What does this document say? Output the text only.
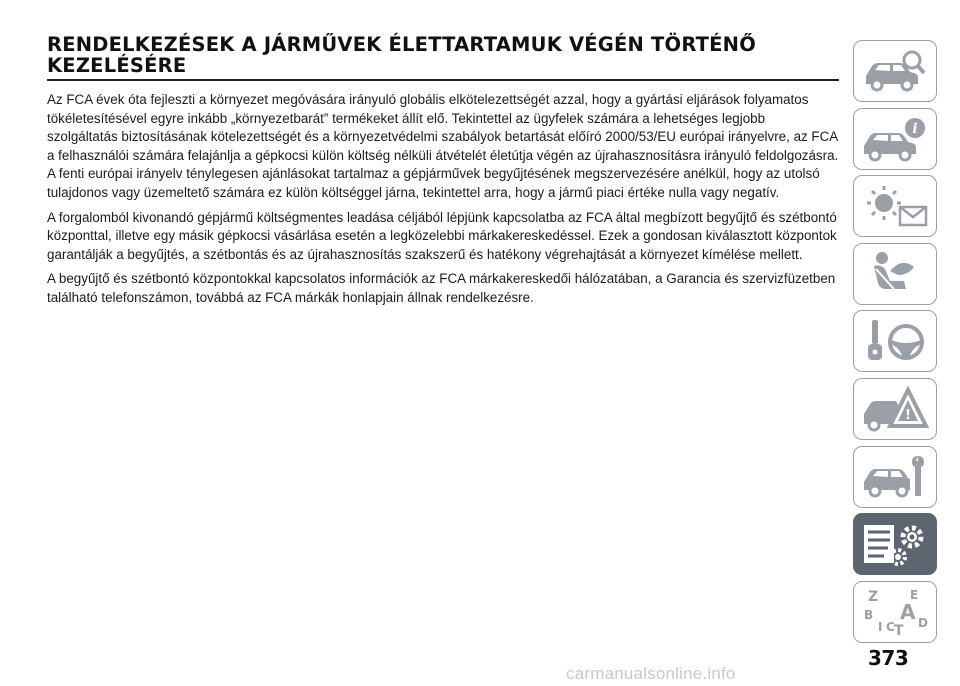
RENDELKEZÉSEK A JÁRMŰVEK ÉLETTARTAMUK VÉGÉN TÖRTÉNŐ
KEZELÉSÉRE

Az FCA évek óta fejleszti a környezet megóvására irányuló globális elkötelezettségét azzal, hogy a gyártási eljárások folyamatos tökéletesítésével egyre inkább „környezetbarát” termékeket állít elő. Tekintettel az ügyfelek számára a lehetséges legjobb szolgáltatás biztosításának kötelezettségét és a környezetvédelmi szabályok betartását előíró 2000/53/EU európai irányelvre, az FCA a felhasználói számára felajánlja a gépkocsi külön költség nélküli átvételét életútja végén az újrahasznosításra irányuló feldolgozásra. A fenti európai irányelv ténylegesen ajánlásokat tartalmaz a gépjárművek begyűjtésének megszervezésére anélkül, hogy az utolsó tulajdonos vagy üzemeltető számára ez külön költséggel járna, tekintettel arra, hogy a jármű piaci értéke nulla vagy negatív.

A forgalomból kivonandó gépjármű költségmentes leadása céljából lépjünk kapcsolatba az FCA által megbízott begyűjtő és szétbontó központtal, illetve egy másik gépkocsi vásárlása esetén a legközelebbi márkakereskedéssel. Ezek a gondosan kiválasztott központok garantálják a begyűjtés, a szétbontás és az újrahasznosítás szakszerű és hatékony végrehajtását a környezet kímélése mellett.

A begyűjtő és szétbontó központokkal kapcsolatos információk az FCA márkakereskedői hálózatában, a Garancia és szervizfüzetben található telefonszámon, továbbá az FCA márkák honlapjain állnak rendelkezésre.

i
!
Z	E
B A D
I C T
373
carmanualsonline.info
